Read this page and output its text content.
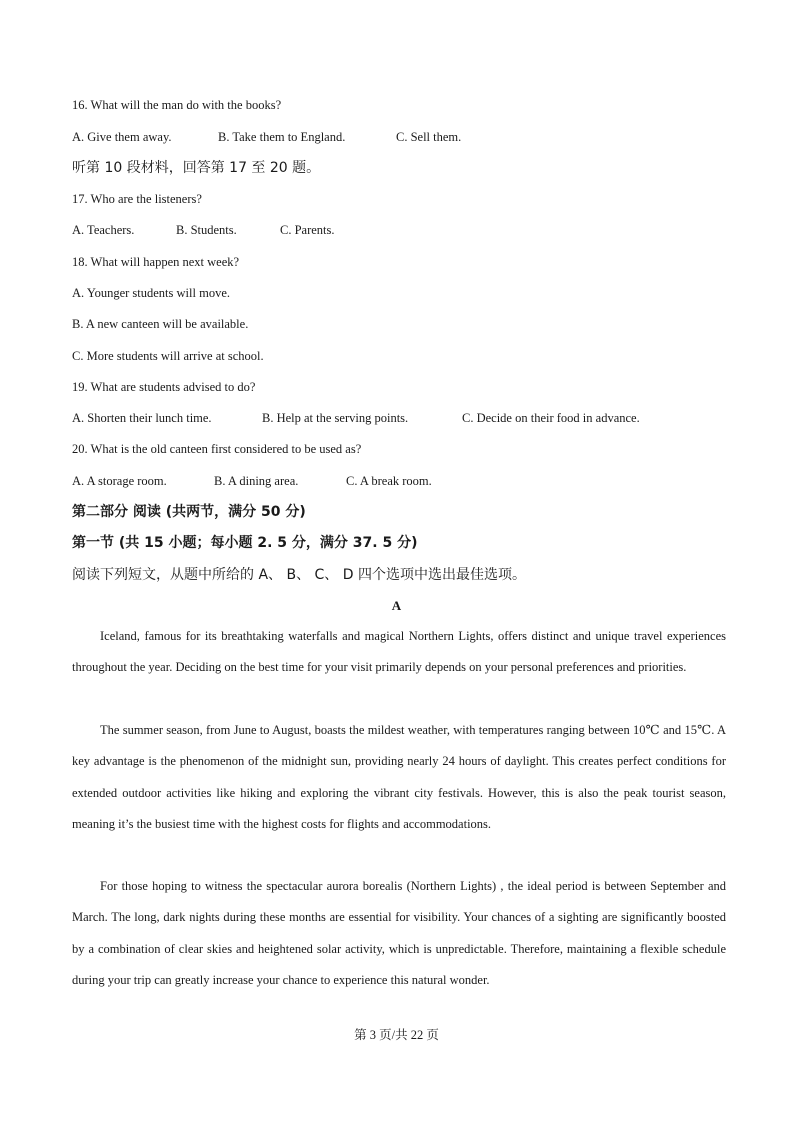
16. What will the man do with the books?
A. Give them away.	B. Take them to England.	C. Sell them.
听第 10 段材料，回答第 17 至 20 题。
17. Who are the listeners?
A. Teachers.	B. Students.	C. Parents.
18. What will happen next week?
A. Younger students will move.
B. A new canteen will be available.
C. More students will arrive at school.
19. What are students advised to do?
A. Shorten their lunch time.	B. Help at the serving points.	C. Decide on their food in advance.
20. What is the old canteen first considered to be used as?
A. A storage room.	B. A dining area.	C. A break room.
第二部分 阅读 (共两节，满分 50 分)
第一节 (共 15 小题；每小题 2. 5 分，满分 37. 5 分)
阅读下列短文，从题中所给的 A、 B、 C、 D 四个选项中选出最佳选项。
A

Iceland, famous for its breathtaking waterfalls and magical Northern Lights, offers distinct and unique travel experiences throughout the year. Deciding on the best time for your visit primarily depends on your personal preferences and priorities.

The summer season, from June to August, boasts the mildest weather, with temperatures ranging between 10℃ and 15℃. A key advantage is the phenomenon of the midnight sun, providing nearly 24 hours of daylight. This creates perfect conditions for extended outdoor activities like hiking and exploring the vibrant city festivals. However, this is also the peak tourist season, meaning it’s the busiest time with the highest costs for flights and accommodations.

For those hoping to witness the spectacular aurora borealis (Northern Lights) , the ideal period is between September and March. The long, dark nights during these months are essential for visibility. Your chances of a sighting are significantly boosted by a combination of clear skies and heightened solar activity, which is unpredictable. Therefore, maintaining a flexible schedule during your trip can greatly increase your chance to experience this natural wonder.

第 3 页/共 22 页
